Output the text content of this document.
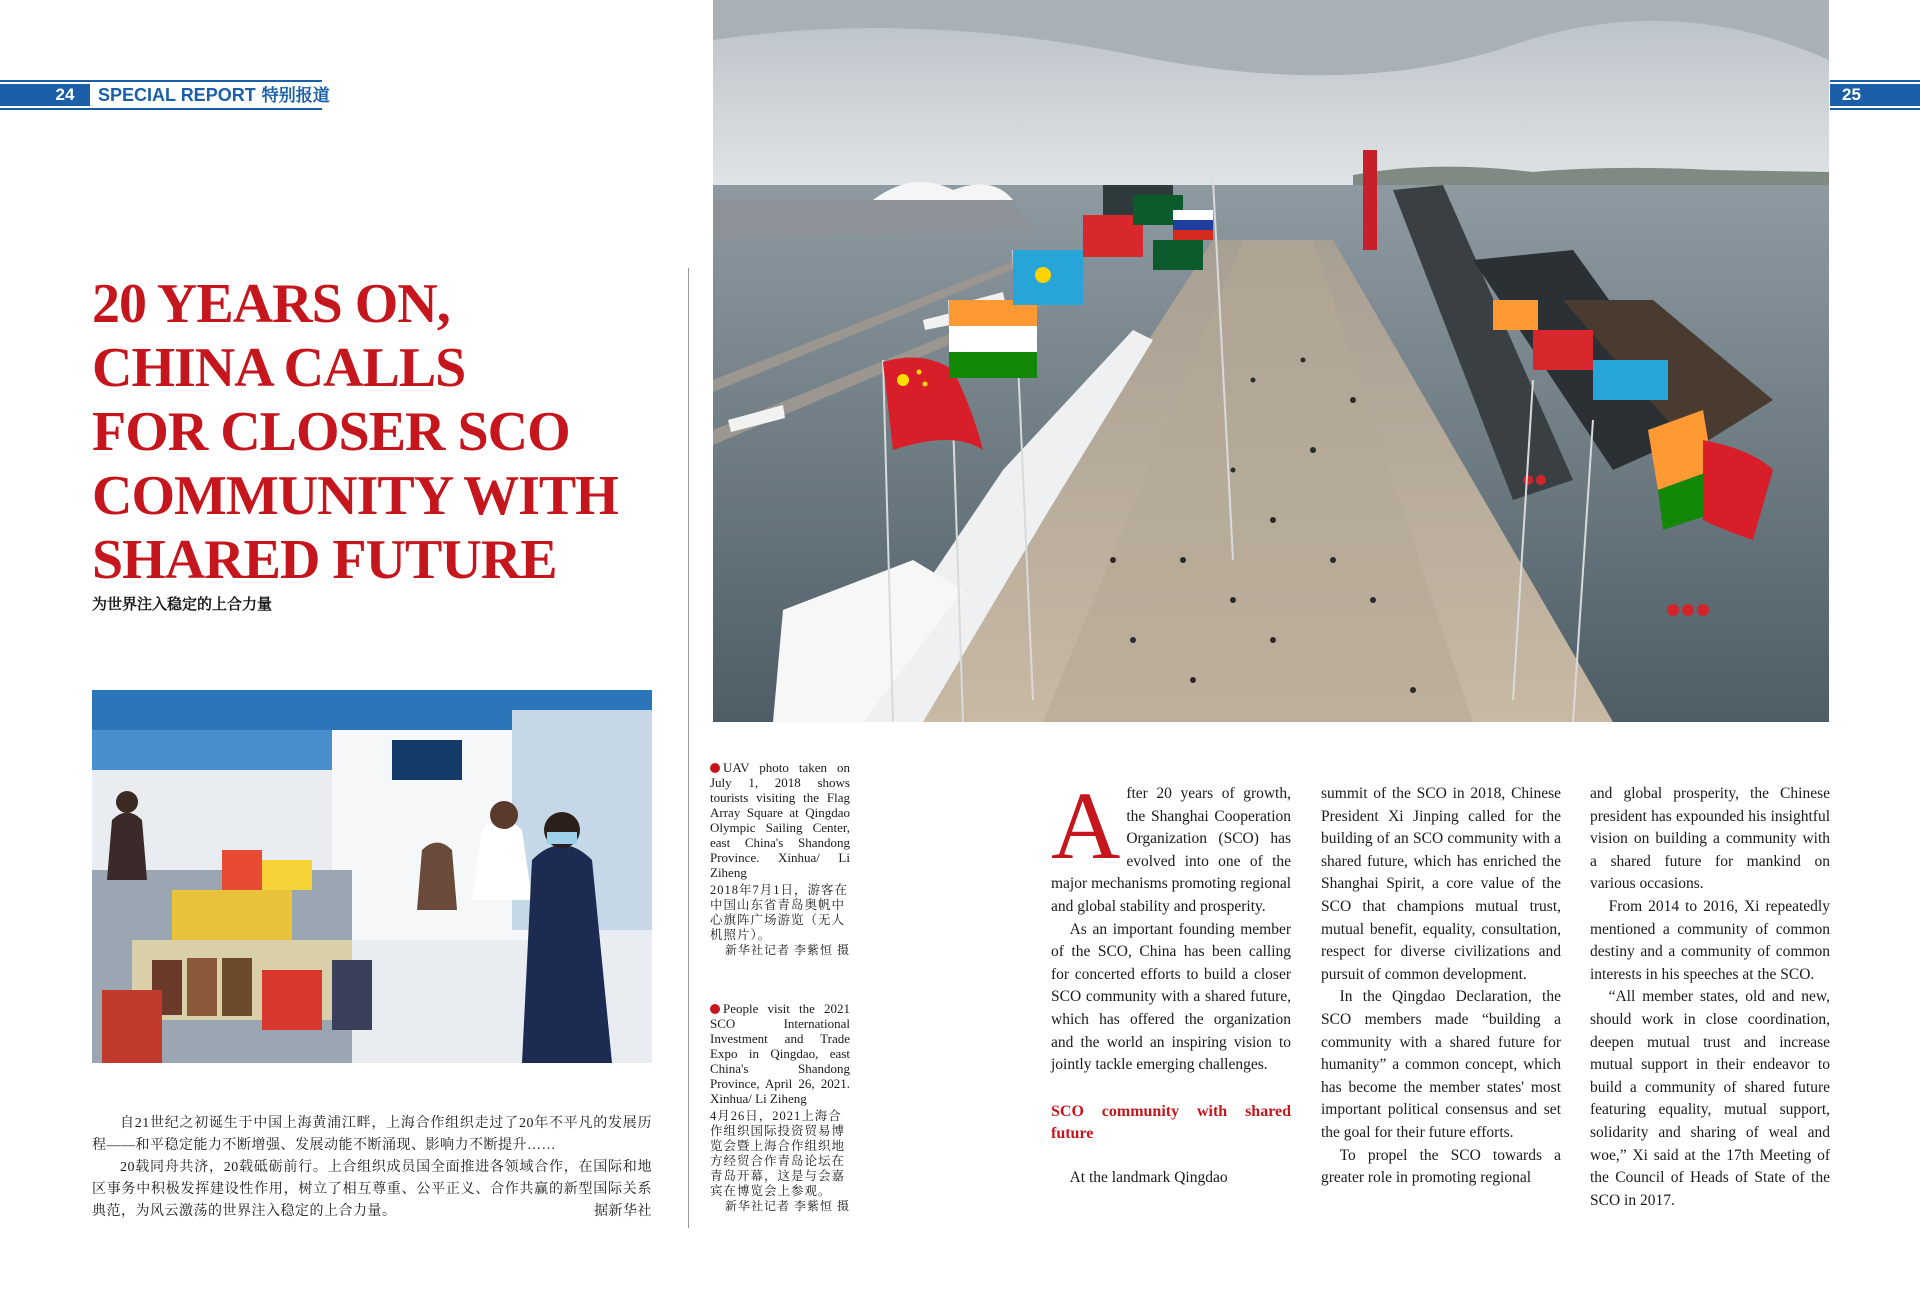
24	SPECIAL REPORT 特别报道	25
20 YEARS ON,
CHINA CALLS
FOR CLOSER SCO
COMMUNITY WITH
SHARED FUTURE
为世界注入稳定的上合力量
UAV photo taken on July 1, 2018 shows tourists visiting the Flag Array Square at Qingdao Olympic Sailing Center, east China's Shandong Province. Xinhua/ Li Ziheng
2018年7月1日，游客在中国山东省青岛奥帆中心旗阵广场游览（无人机照片）。
新华社记者 李紫恒 摄
People visit the 2021 SCO International Investment and Trade Expo in Qingdao, east China's Shandong Province, April 26, 2021. Xinhua/ Li Ziheng
4月26日，2021上海合作组织国际投资贸易博览会暨上海合作组织地方经贸合作青岛论坛在青岛开幕，这是与会嘉宾在博览会上参观。
新华社记者 李紫恒 摄

自21世纪之初诞生于中国上海黄浦江畔，上海合作组织走过了20年不平凡的发展历程——和平稳定能力不断增强、发展动能不断涌现、影响力不断提升……

20载同舟共济，20载砥砺前行。上合组织成员国全面推进各领域合作，在国际和地区事务中积极发挥建设性作用，树立了相互尊重、公平正义、合作共赢的新型国际关系典范，为风云激荡的世界注入稳定的上合力量。	据新华社

After 20 years of growth, the Shanghai Cooperation Organization (SCO) has evolved into one of the major mechanisms promoting regional and global stability and prosperity.

As an important founding member of the SCO, China has been calling for concerted efforts to build a closer SCO community with a shared future, which has offered the organization and the world an inspiring vision to jointly tackle emerging challenges.

SCO community with shared future

At the landmark Qingdao

summit of the SCO in 2018, Chinese President Xi Jinping called for the building of an SCO community with a shared future, which has enriched the Shanghai Spirit, a core value of the SCO that champions mutual trust, mutual benefit, equality, consultation, respect for diverse civilizations and pursuit of common development.

In the Qingdao Declaration, the SCO members made “building a community with a shared future for humanity” a common concept, which has become the member states' most important political consensus and set the goal for their future efforts.

To propel the SCO towards a greater role in promoting regional

and global prosperity, the Chinese president has expounded his insightful vision on building a community with a shared future for mankind on various occasions.

From 2014 to 2016, Xi repeatedly mentioned a community of common destiny and a community of common interests in his speeches at the SCO.

“All member states, old and new, should work in close coordination, deepen mutual trust and increase mutual support in their endeavor to build a community of shared future featuring equality, mutual support, solidarity and sharing of weal and woe,” Xi said at the 17th Meeting of the Council of Heads of State of the SCO in 2017.
